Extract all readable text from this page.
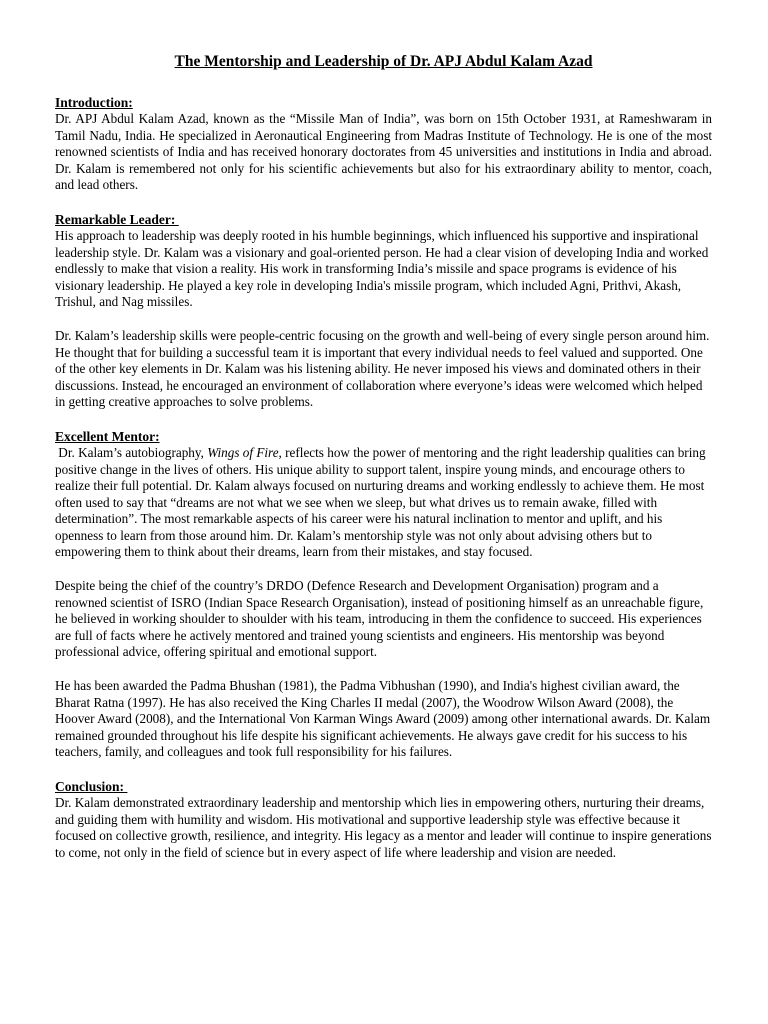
The Mentorship and Leadership of Dr. APJ Abdul Kalam Azad

Introduction:

Dr. APJ Abdul Kalam Azad, known as the “Missile Man of India”, was born on 15th October 1931, at Rameshwaram in Tamil Nadu, India. He specialized in Aeronautical Engineering from Madras Institute of Technology. He is one of the most renowned scientists of India and has received honorary doctorates from 45 universities and institutions in India and abroad. Dr. Kalam is remembered not only for his scientific achievements but also for his extraordinary ability to mentor, coach, and lead others.

Remarkable Leader:

His approach to leadership was deeply rooted in his humble beginnings, which influenced his supportive and inspirational leadership style. Dr. Kalam was a visionary and goal-oriented person. He had a clear vision of developing India and worked endlessly to make that vision a reality. His work in transforming India’s missile and space programs is evidence of his visionary leadership. He played a key role in developing India's missile program, which included Agni, Prithvi, Akash, Trishul, and Nag missiles.

Dr. Kalam’s leadership skills were people-centric focusing on the growth and well-being of every single person around him. He thought that for building a successful team it is important that every individual needs to feel valued and supported. One of the other key elements in Dr. Kalam was his listening ability. He never imposed his views and dominated others in their discussions. Instead, he encouraged an environment of collaboration where everyone’s ideas were welcomed which helped in getting creative approaches to solve problems.

Excellent Mentor:

Dr. Kalam’s autobiography, Wings of Fire, reflects how the power of mentoring and the right leadership qualities can bring positive change in the lives of others. His unique ability to support talent, inspire young minds, and encourage others to realize their full potential. Dr. Kalam always focused on nurturing dreams and working endlessly to achieve them. He most often used to say that “dreams are not what we see when we sleep, but what drives us to remain awake, filled with determination”. The most remarkable aspects of his career were his natural inclination to mentor and uplift, and his openness to learn from those around him. Dr. Kalam’s mentorship style was not only about advising others but to empowering them to think about their dreams, learn from their mistakes, and stay focused.

Despite being the chief of the country’s DRDO (Defence Research and Development Organisation) program and a renowned scientist of ISRO (Indian Space Research Organisation), instead of positioning himself as an unreachable figure, he believed in working shoulder to shoulder with his team, introducing in them the confidence to succeed. His experiences are full of facts where he actively mentored and trained young scientists and engineers. His mentorship was beyond professional advice, offering spiritual and emotional support.

He has been awarded the Padma Bhushan (1981), the Padma Vibhushan (1990), and India's highest civilian award, the Bharat Ratna (1997). He has also received the King Charles II medal (2007), the Woodrow Wilson Award (2008), the Hoover Award (2008), and the International Von Karman Wings Award (2009) among other international awards. Dr. Kalam remained grounded throughout his life despite his significant achievements. He always gave credit for his success to his teachers, family, and colleagues and took full responsibility for his failures.

Conclusion:

Dr. Kalam demonstrated extraordinary leadership and mentorship which lies in empowering others, nurturing their dreams, and guiding them with humility and wisdom. His motivational and supportive leadership style was effective because it focused on collective growth, resilience, and integrity. His legacy as a mentor and leader will continue to inspire generations to come, not only in the field of science but in every aspect of life where leadership and vision are needed.
